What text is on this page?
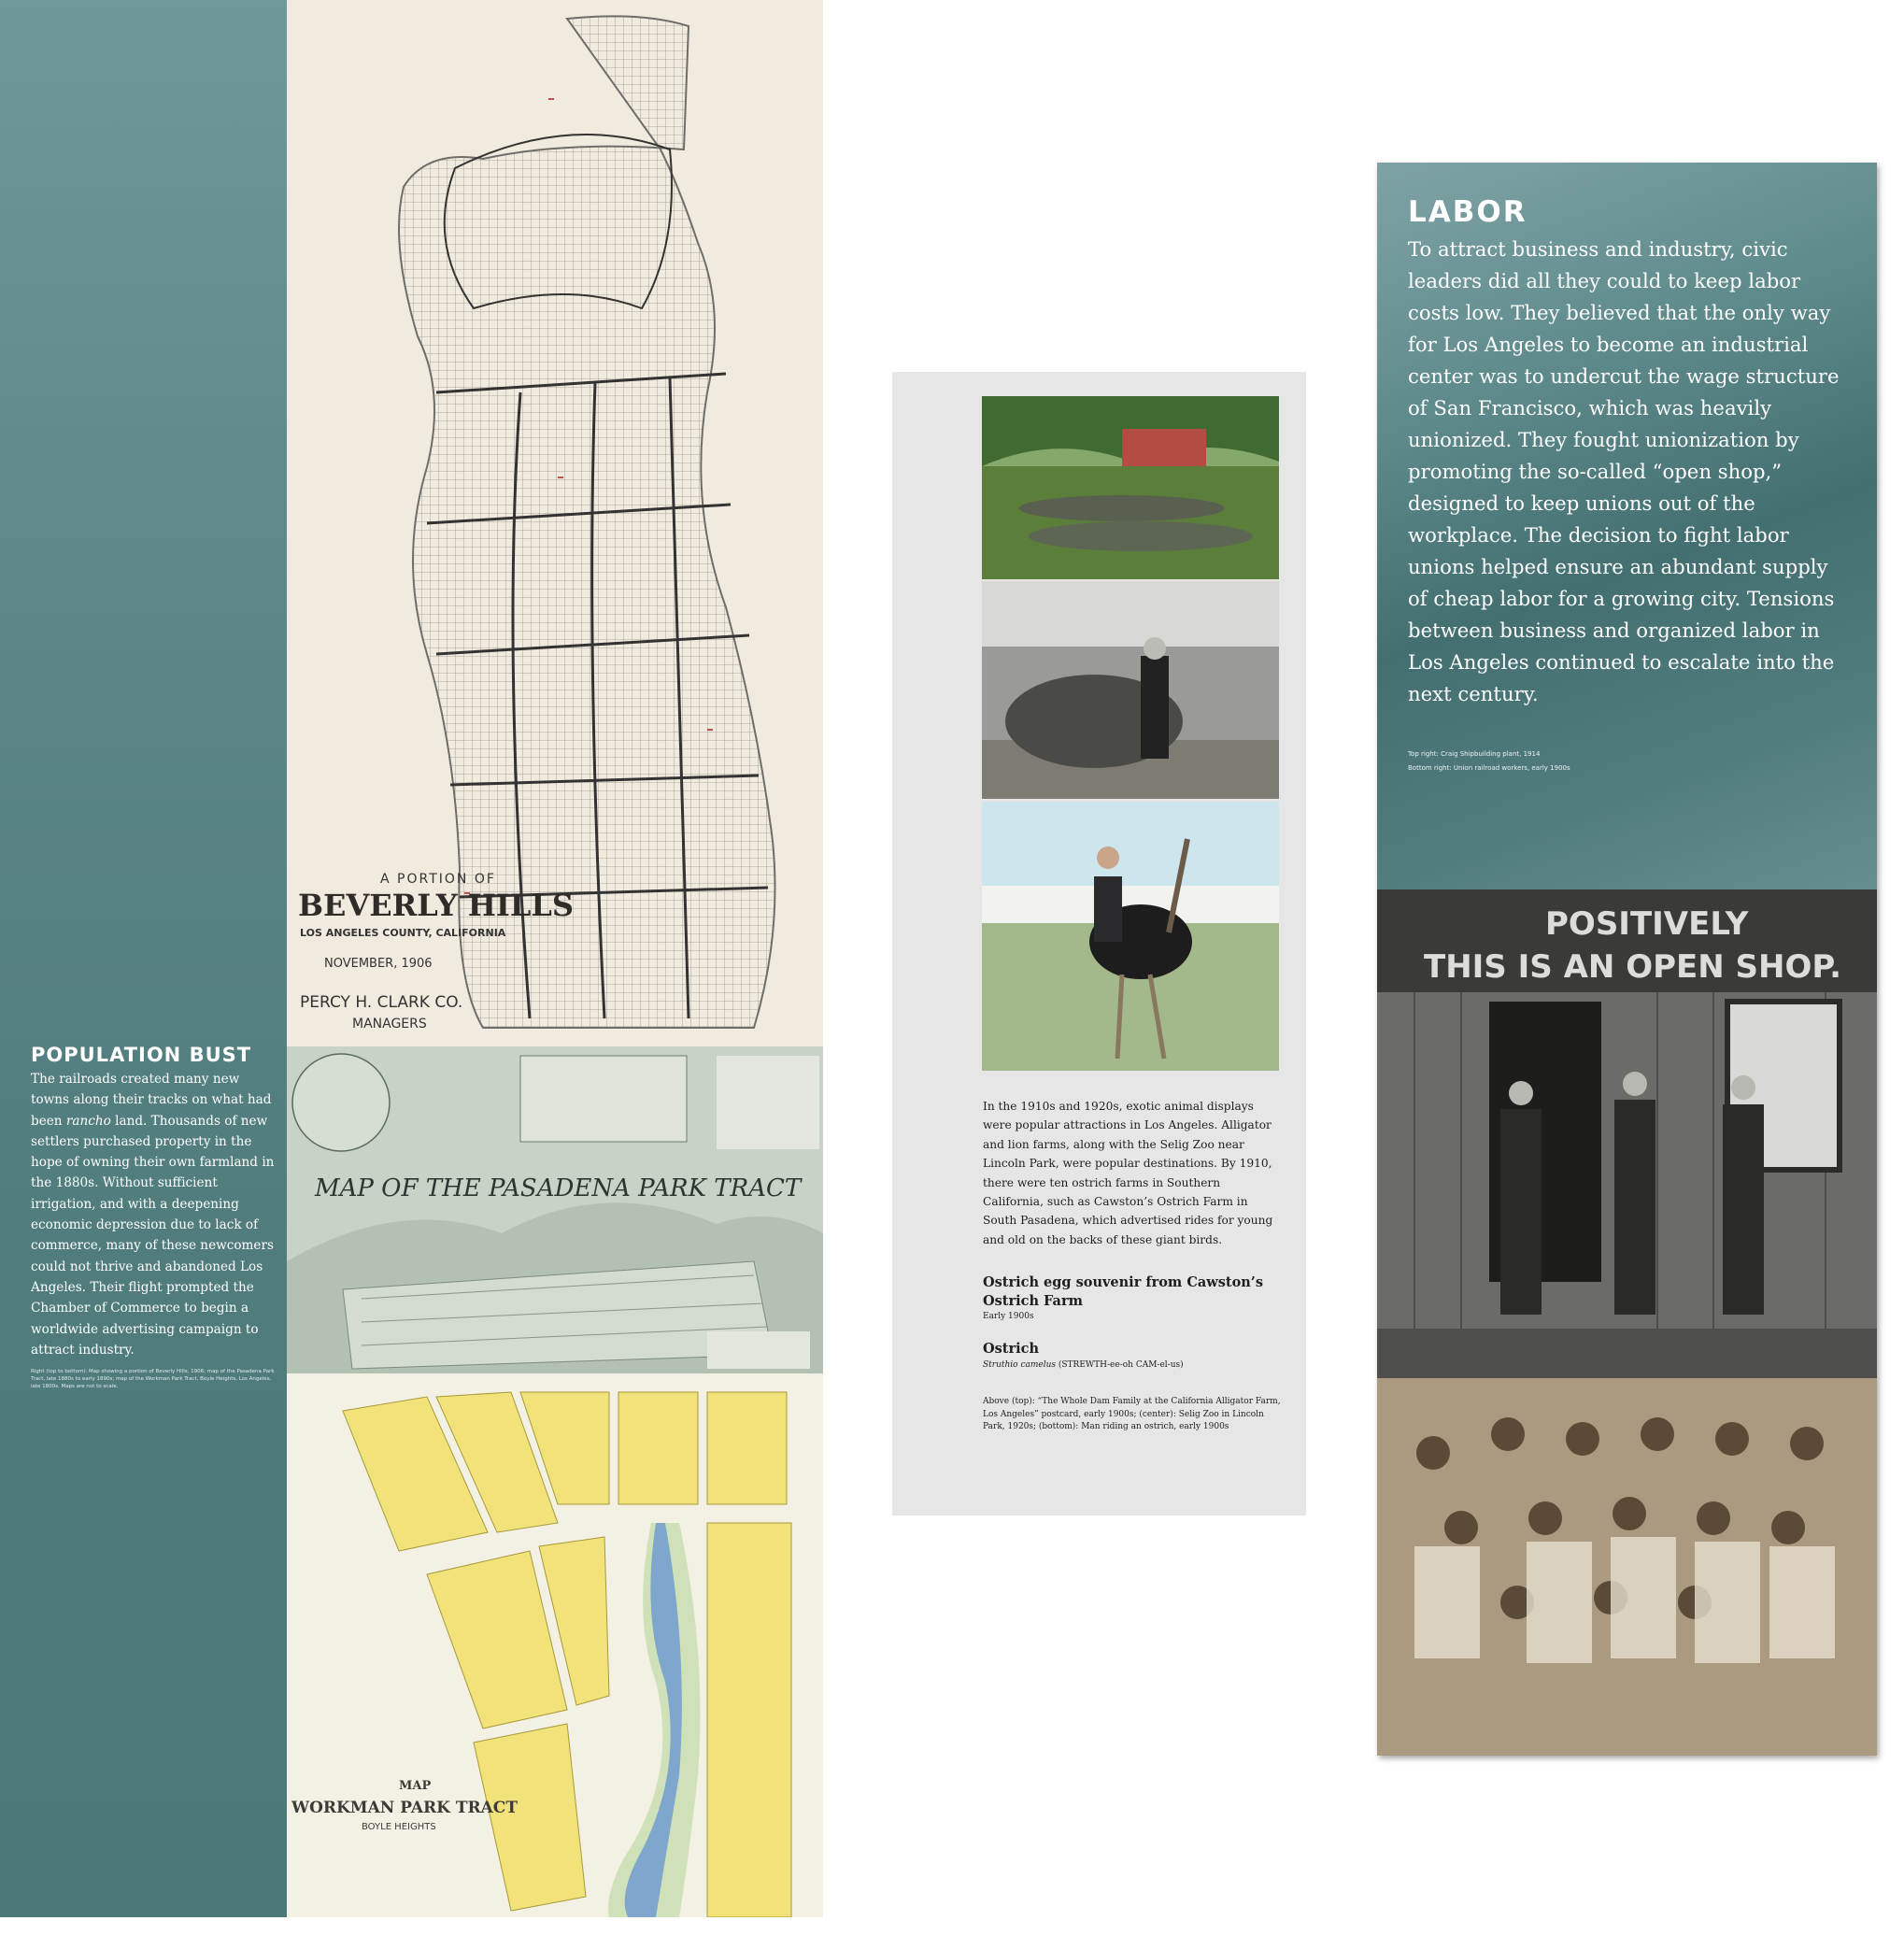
POPULATION BUST
The railroads created many new towns along their tracks on what had been rancho land. Thousands of new settlers purchased property in the hope of owning their own farmland in the 1880s. Without sufficient irrigation, and with a deepening economic depression due to lack of commerce, many of these newcomers could not thrive and abandoned Los Angeles. Their flight prompted the Chamber of Commerce to begin a worldwide advertising campaign to attract industry.
Right (top to bottom): Map showing a portion of Beverly Hills, 1906; map of the Pasadena Park Tract, late 1880s to early 1890s; map of the Workman Park Tract, Boyle Heights, Los Angeles, late 1800s. Maps are not to scale.
A PORTION OF
BEVERLY HILLS
LOS ANGELES COUNTY, CALIFORNIA
NOVEMBER, 1906
PERCY H. CLARK CO.
MANAGERS
MAP OF THE PASADENA PARK TRACT
MAP
WORKMAN PARK TRACT
BOYLE HEIGHTS
In the 1910s and 1920s, exotic animal displays were popular attractions in Los Angeles. Alligator and lion farms, along with the Selig Zoo near Lincoln Park, were popular destinations. By 1910, there were ten ostrich farms in Southern California, such as Cawston’s Ostrich Farm in South Pasadena, which advertised rides for young and old on the backs of these giant birds.
Ostrich egg souvenir from Cawston’s Ostrich Farm
Early 1900s
Ostrich
Struthio camelus (STREWTH-ee-oh CAM-el-us)
Above (top): “The Whole Dam Family at the California Alligator Farm, Los Angeles” postcard, early 1900s; (center): Selig Zoo in Lincoln Park, 1920s; (bottom): Man riding an ostrich, early 1900s
LABOR
To attract business and industry, civic leaders did all they could to keep labor costs low. They believed that the only way for Los Angeles to become an industrial center was to undercut the wage structure of San Francisco, which was heavily unionized. They fought unionization by promoting the so-called “open shop,” designed to keep unions out of the workplace. The decision to fight labor unions helped ensure an abundant supply of cheap labor for a growing city. Tensions between business and organized labor in Los Angeles continued to escalate into the next century.
Top right: Craig Shipbuilding plant, 1914
Bottom right: Union railroad workers, early 1900s
POSITIVELY
THIS IS AN OPEN SHOP.
